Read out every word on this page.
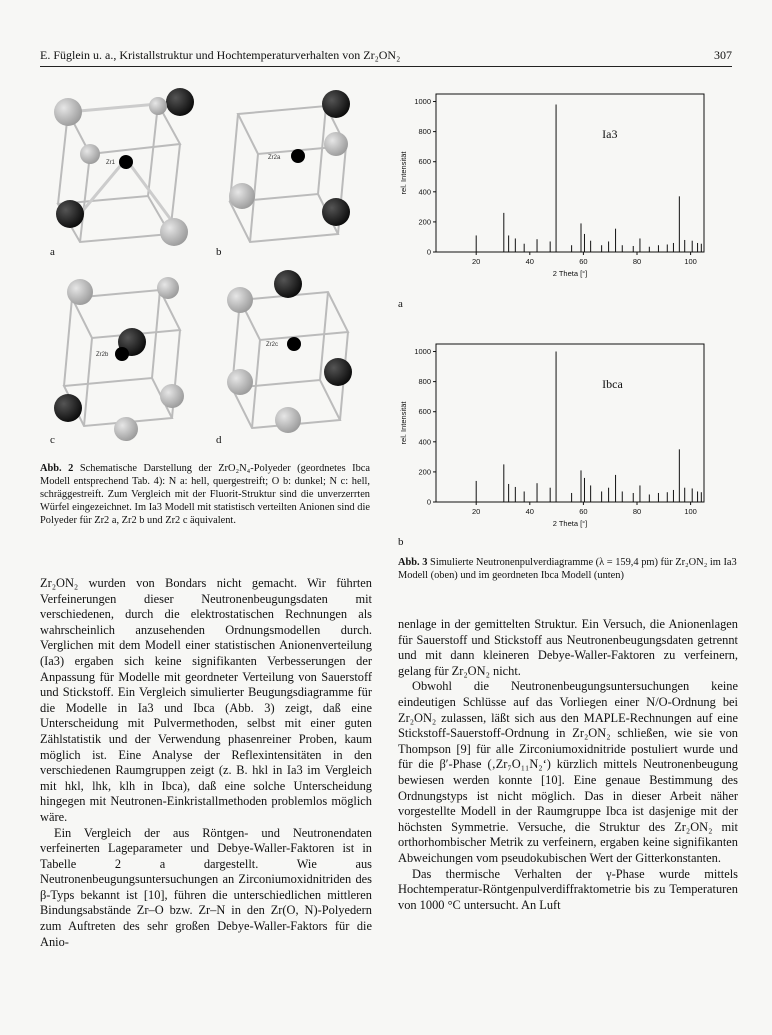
E. Füglein u. a., Kristallstruktur und Hochtemperaturverhalten von Zr₂ON₂	307
Zr1
Zr2a
Zr2b
Zr2c
a	b
c	d
Abb. 2 Schematische Darstellung der ZrO₂N₄-Polyeder (geordnetes Ibca Modell entsprechend Tab. 4): N a: hell, quergestreift; O b: dunkel; N c: hell, schräggestreift. Zum Vergleich mit der Fluorit-Struktur sind die unverzerrten Würfel eingezeichnet. Im Ia3 Modell mit statistisch verteilten Anionen sind die Polyeder für Zr2 a, Zr2 b und Zr2 c äquivalent.
0
200
400
600
800
1000
20	40	60	80	100
2 Theta [°]
rel. Intensität
Ia3
a
0
200
400
600
800
1000
20	40	60	80	100
2 Theta [°]
rel. Intensität
Ibca
b
Abb. 3 Simulierte Neutronenpulverdiagramme (λ = 159,4 pm) für Zr₂ON₂ im Ia3 Modell (oben) und im geordneten Ibca Modell (unten)

Zr₂ON₂ wurden von Bondars nicht gemacht. Wir führten Verfeinerungen dieser Neutronenbeugungsdaten mit verschiedenen, durch die elektrostatischen Rechnungen als wahrscheinlich anzusehenden Ordnungsmodellen durch. Verglichen mit dem Modell einer statistischen Anionenverteilung (Ia3) ergaben sich keine signifikanten Verbesserungen der Anpassung für Modelle mit geordneter Verteilung von Sauerstoff und Stickstoff. Ein Vergleich simulierter Beugungsdiagramme für die Modelle in Ia3 und Ibca (Abb. 3) zeigt, daß eine Unterscheidung mit Pulvermethoden, selbst mit einer guten Zählstatistik und der Verwendung phasenreiner Proben, kaum möglich ist. Eine Analyse der Reflexintensitäten in den verschiedenen Raumgruppen zeigt (z. B. hkl in Ia3 im Vergleich mit hkl, lhk, klh in Ibca), daß eine solche Unterscheidung hingegen mit Neutronen-Einkristallmethoden problemlos möglich wäre.

Ein Vergleich der aus Röntgen- und Neutronendaten verfeinerten Lageparameter und Debye-Waller-Faktoren ist in Tabelle 2 a dargestellt. Wie aus Neutronenbeugungsuntersuchungen an Zirconiumoxidnitriden des β-Typs bekannt ist [10], führen die unterschiedlichen mittleren Bindungsabstände Zr–O bzw. Zr–N in den Zr(O, N)-Polyedern zum Auftreten des sehr großen Debye-Waller-Faktors für die Anio-

nenlage in der gemittelten Struktur. Ein Versuch, die Anionenlagen für Sauerstoff und Stickstoff aus Neutronenbeugungsdaten getrennt und mit dann kleineren Debye-Waller-Faktoren zu verfeinern, gelang für Zr₂ON₂ nicht.

Obwohl die Neutronenbeugungsuntersuchungen keine eindeutigen Schlüsse auf das Vorliegen einer N/O-Ordnung bei Zr₂ON₂ zulassen, läßt sich aus den MAPLE-Rechnungen auf eine Stickstoff-Sauerstoff-Ordnung in Zr₂ON₂ schließen, wie sie von Thompson [9] für alle Zirconiumoxidnitride postuliert wurde und für die β′-Phase (‚Zr₇O₁₁N₂‘) kürzlich mittels Neutronenbeugung bewiesen werden konnte [10]. Eine genaue Bestimmung des Ordnungstyps ist nicht möglich. Das in dieser Arbeit näher vorgestellte Modell in der Raumgruppe Ibca ist dasjenige mit der höchsten Symmetrie. Versuche, die Struktur des Zr₂ON₂ mit orthorhombischer Metrik zu verfeinern, ergaben keine signifikanten Abweichungen vom pseudokubischen Wert der Gitterkonstanten.

Das thermische Verhalten der γ-Phase wurde mittels Hochtemperatur-Röntgenpulverdiffraktometrie bis zu Temperaturen von 1000 °C untersucht. An Luft
